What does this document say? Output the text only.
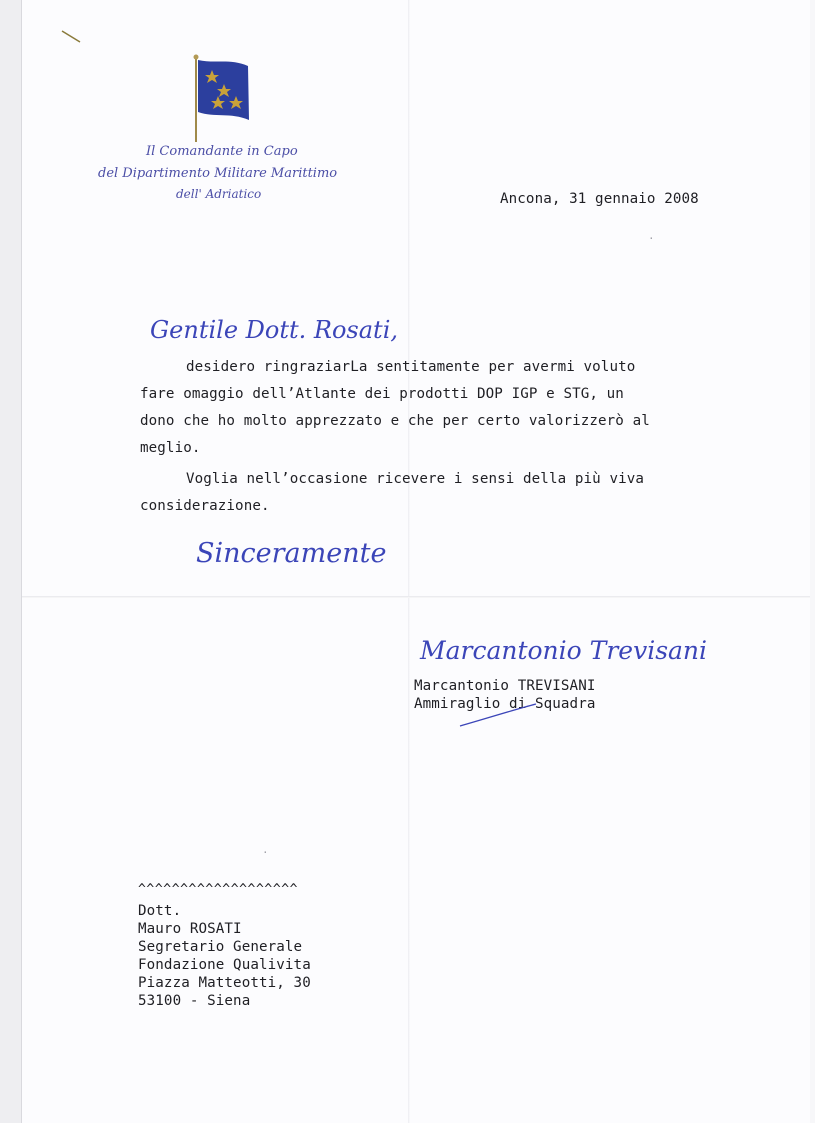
Il Comandante in Capo
del Dipartimento Militare Marittimo
dell' Adriatico	Ancona, 31 gennaio 2008
·
Gentile Dott. Rosati,
desidero ringraziarLa sentitamente per avermi voluto
fare omaggio dell’Atlante dei prodotti DOP IGP e STG, un
dono che ho molto apprezzato e che per certo valorizzerò al
meglio.
Voglia nell’occasione ricevere i sensi della più viva
considerazione.
Sinceramente
Marcantonio Trevisani
Marcantonio TREVISANI
Ammiraglio di Squadra
·
^^^^^^^^^^^^^^^^^^^
Dott.
Mauro ROSATI
Segretario Generale
Fondazione Qualivita
Piazza Matteotti, 30
53100 - Siena
